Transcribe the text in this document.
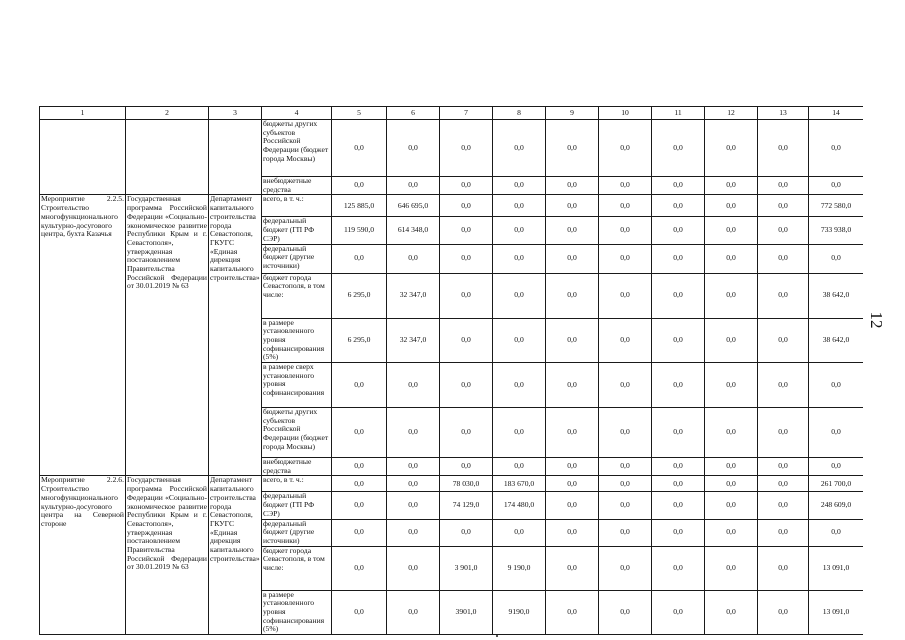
1	2	3	4	5	6	7	8	9	10	11	12	13	14
			бюджеты других субъектов Российской Федерации (бюджет города Москвы)	0,0	0,0	0,0	0,0	0,0	0,0	0,0	0,0	0,0	0,0
			внебюджетные средства	0,0	0,0	0,0	0,0	0,0	0,0	0,0	0,0	0,0	0,0
Мероприятие 2.2.5. Строительство многофункционального культурно-досугового центра, бухта Казачья	Государственная программа Российской Федерации «Социально-экономическое развитие Республики Крым и г. Севастополя», утвержденная постановлением Правительства Российской Федерации от 30.01.2019 № 63	Департамент капитального строительства города Севастополя, ГКУГС «Единая дирекция капитального строительства»	всего, в т. ч.:	125 885,0	646 695,0	0,0	0,0	0,0	0,0	0,0	0,0	0,0	772 580,0
			федеральный бюджет (ГП РФ СЭР)	119 590,0	614 348,0	0,0	0,0	0,0	0,0	0,0	0,0	0,0	733 938,0
			федеральный бюджет (другие источники)	0,0	0,0	0,0	0,0	0,0	0,0	0,0	0,0	0,0	0,0
			бюджет города Севастополя, в том числе:	6 295,0	32 347,0	0,0	0,0	0,0	0,0	0,0	0,0	0,0	38 642,0
			в размере установленного уровня софинансирования (5%)	6 295,0	32 347,0	0,0	0,0	0,0	0,0	0,0	0,0	0,0	38 642,0
			в размере сверх установленного уровня софинансирования	0,0	0,0	0,0	0,0	0,0	0,0	0,0	0,0	0,0	0,0
			бюджеты других субъектов Российской Федерации (бюджет города Москвы)	0,0	0,0	0,0	0,0	0,0	0,0	0,0	0,0	0,0	0,0
			внебюджетные средства	0,0	0,0	0,0	0,0	0,0	0,0	0,0	0,0	0,0	0,0
Мероприятие 2.2.6. Строительство многофункционального культурно-досугового центра на Северной стороне	Государственная программа Российской Федерации «Социально-экономическое развитие Республики Крым и г. Севастополя», утвержденная постановлением Правительства Российской Федерации от 30.01.2019 № 63	Департамент капитального строительства города Севастополя, ГКУГС «Единая дирекция капитального строительства»	всего, в т. ч.:	0,0	0,0	78 030,0	183 670,0	0,0	0,0	0,0	0,0	0,0	261 700,0
			федеральный бюджет (ГП РФ СЭР)	0,0	0,0	74 129,0	174 480,0	0,0	0,0	0,0	0,0	0,0	248 609,0
			федеральный бюджет (другие источники)	0,0	0,0	0,0	0,0	0,0	0,0	0,0	0,0	0,0	0,0
			бюджет города Севастополя, в том числе:	0,0	0,0	3 901,0	9 190,0	0,0	0,0	0,0	0,0	0,0	13 091,0
			в размере установленного уровня софинансирования (5%)	0,0	0,0	3901,0	9190,0	0,0	0,0	0,0	0,0	0,0	13 091,0
12
